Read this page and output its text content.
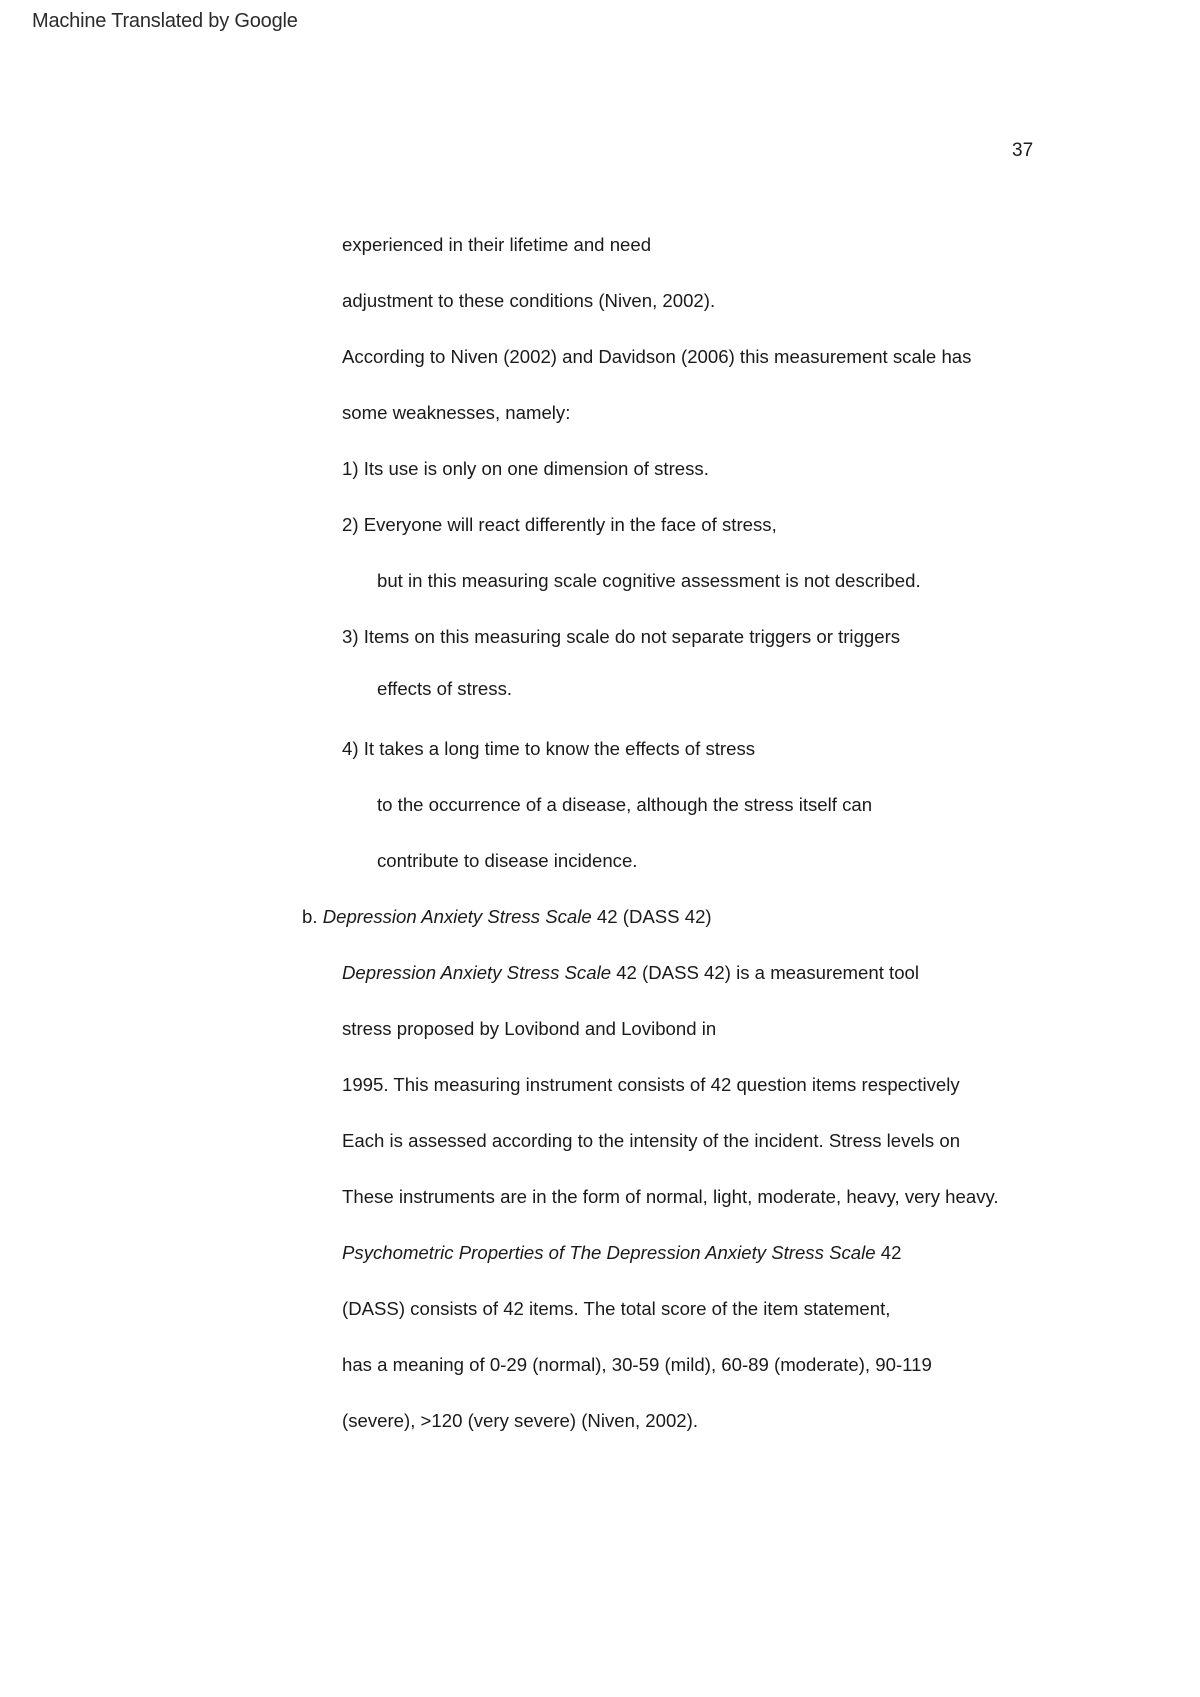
Machine Translated by Google
37
experienced in their lifetime and need
adjustment to these conditions (Niven, 2002).
According to Niven (2002) and Davidson (2006) this measurement scale has
some weaknesses, namely:
1) Its use is only on one dimension of stress.
2) Everyone will react differently in the face of stress,
but in this measuring scale cognitive assessment is not described.
3) Items on this measuring scale do not separate triggers or triggers
effects of stress.
4) It takes a long time to know the effects of stress
to the occurrence of a disease, although the stress itself can
contribute to disease incidence.
b. Depression Anxiety Stress Scale 42 (DASS 42)
Depression Anxiety Stress Scale 42 (DASS 42) is a measurement tool
stress proposed by Lovibond and Lovibond in
1995. This measuring instrument consists of 42 question items respectively
Each is assessed according to the intensity of the incident. Stress levels on
These instruments are in the form of normal, light, moderate, heavy, very heavy.
Psychometric Properties of The Depression Anxiety Stress Scale 42
(DASS) consists of 42 items. The total score of the item statement,
has a meaning of 0-29 (normal), 30-59 (mild), 60-89 (moderate), 90-119
(severe), >120 (very severe) (Niven, 2002).
